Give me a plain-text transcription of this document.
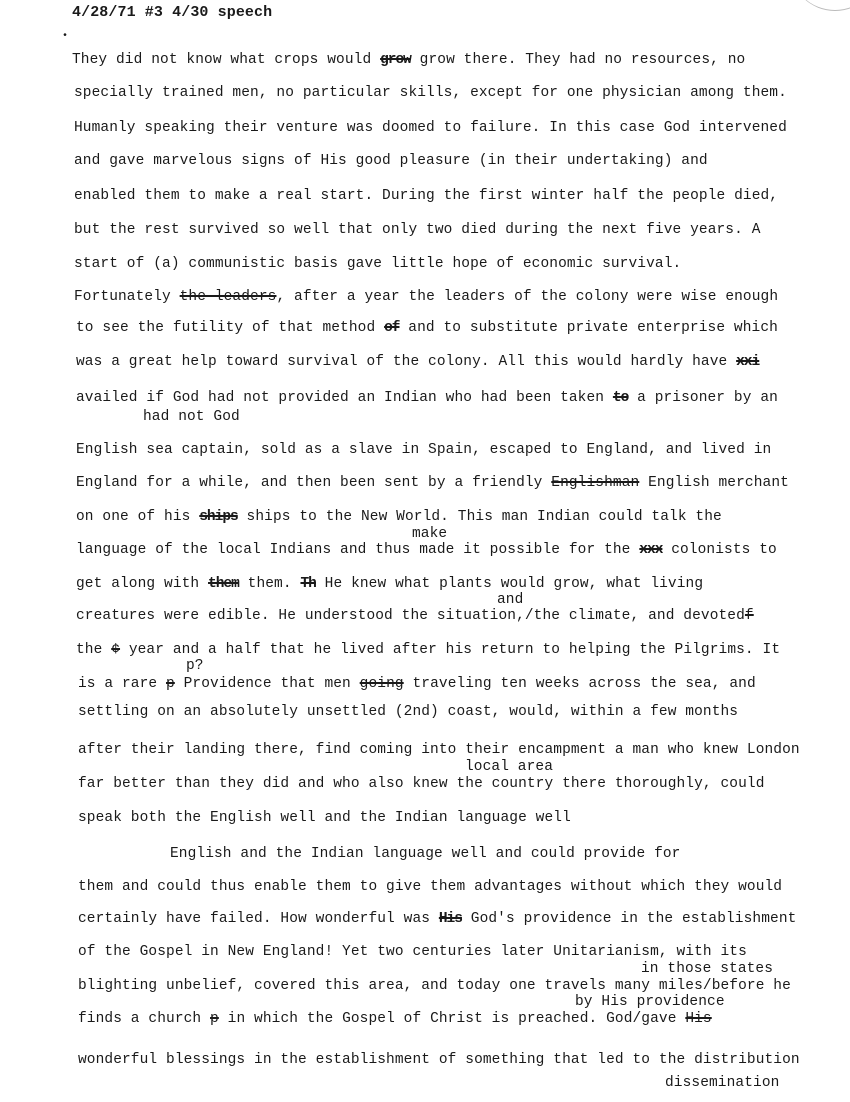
4/28/71 #3 4/30 speech
•
They did not know what crops would grow grow there. They had no resources, no
specially trained men, no particular skills, except for one physician among them.
Humanly speaking their venture was doomed to failure. In this case God intervened
and gave marvelous signs of His good pleasure (in their undertaking) and
enabled them to make a real start. During the first winter half the people died,
but the rest survived so well that only two died during the next five years. A
start of (a) communistic basis gave little hope of economic survival.
Fortunately the leaders, after a year the leaders of the colony were wise enough
to see the futility of that method of and to substitute private enterprise which
was a great help toward survival of the colony. All this would hardly have xxi
availed if God had not provided an Indian who had been taken to a prisoner by an
had not God
English sea captain, sold as a slave in Spain, escaped to England, and lived in
England for a while, and then been sent by a friendly Englishman English merchant
on one of his ships ships to the New World. This man Indian could talk the
make
language of the local Indians and thus made it possible for the xxx colonists to
get along with them them. Th He knew what plants would grow, what living
and
creatures were edible. He understood the situation,/the climate, and devotedf
the ¢ year and a half that he lived after his return to helping the Pilgrims. It
p?
is a rare p Providence that men going traveling ten weeks across the sea, and
settling on an absolutely unsettled (2nd) coast, would, within a few months
after their landing there, find coming into their encampment a man who knew London
local area
far better than they did and who also knew the country there thoroughly, could
speak both the English well and the Indian language well
English and the Indian language well and could provide for
them and could thus enable them to give them advantages without which they would
certainly have failed. How wonderful was His God's providence in the establishment
of the Gospel in New England! Yet two centuries later Unitarianism, with its
in those states
blighting unbelief, covered this area, and today one travels many miles/before he
by His providence
finds a church p in which the Gospel of Christ is preached. God/gave His
wonderful blessings in the establishment of something that led to the distribution
dissemination
